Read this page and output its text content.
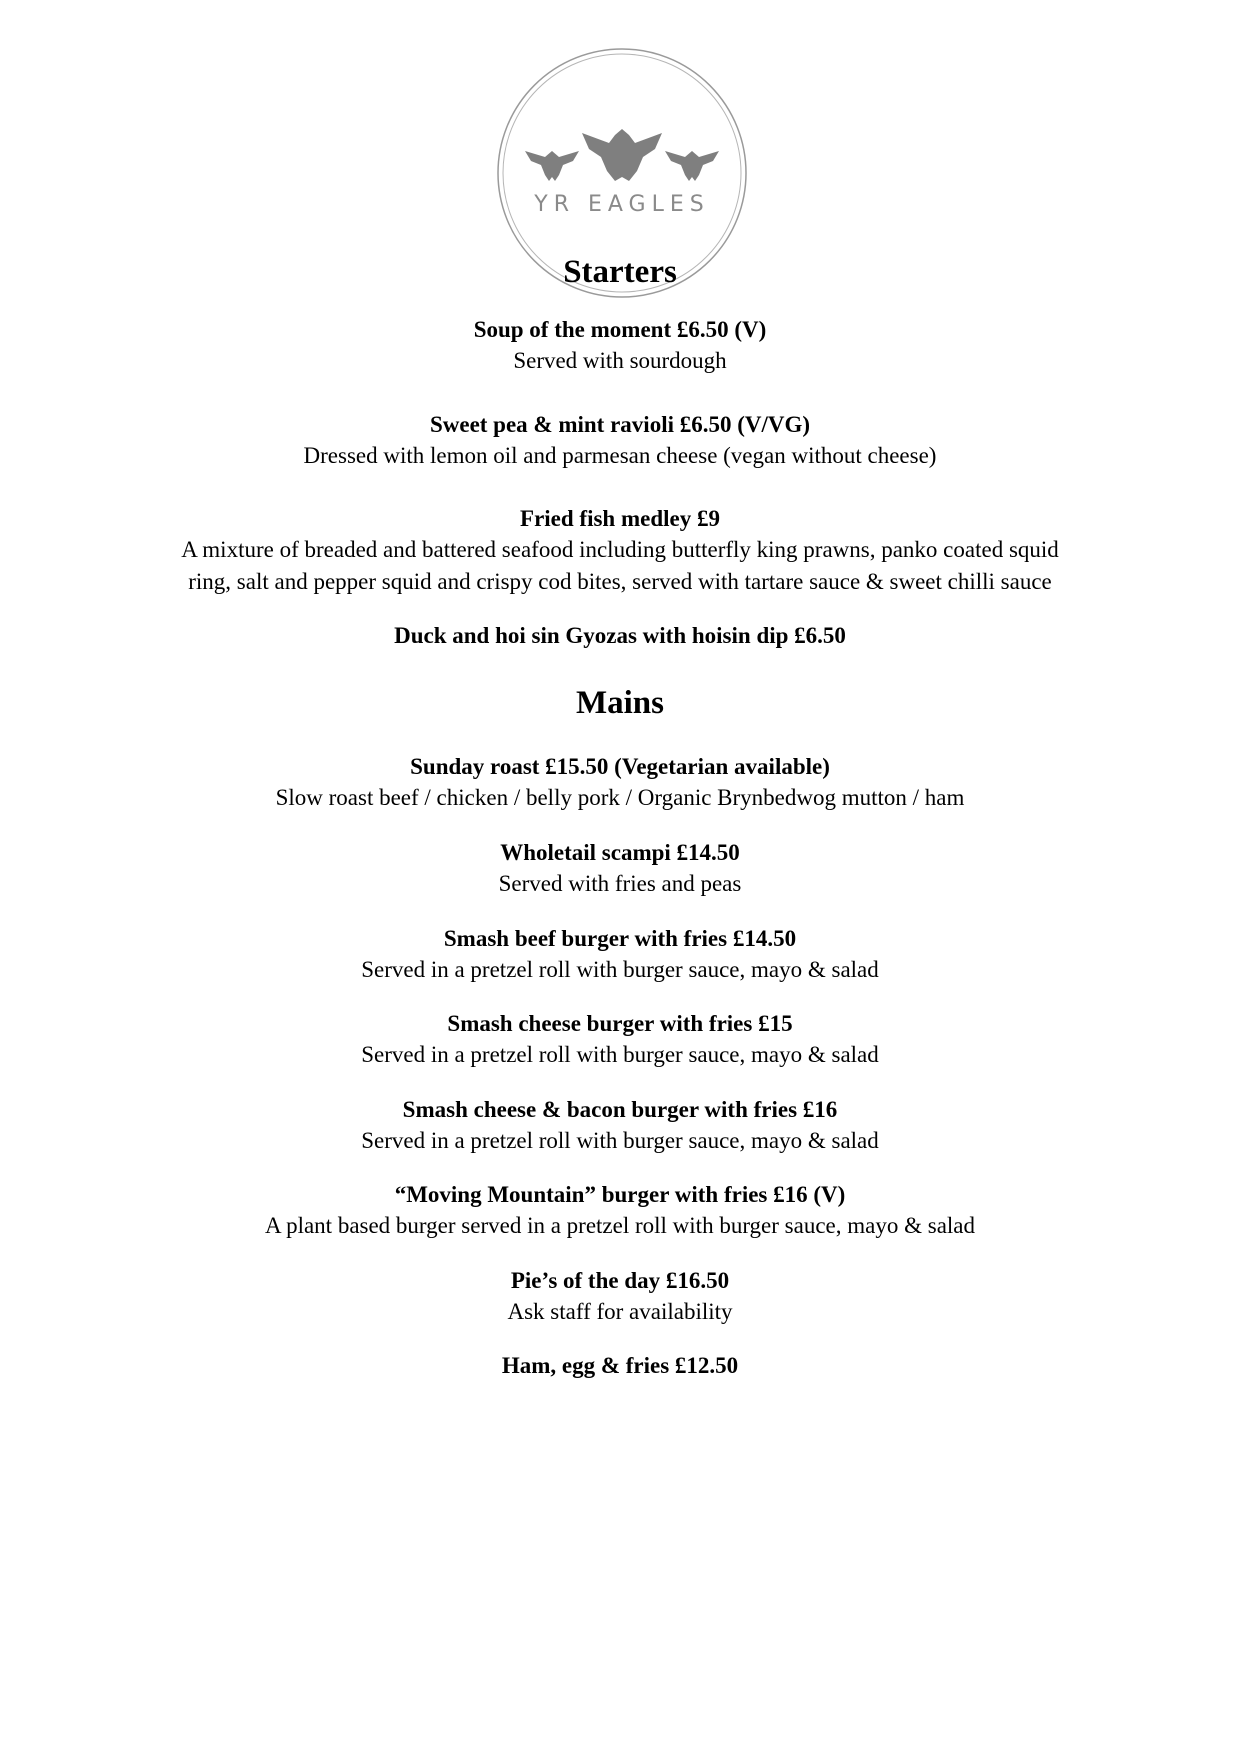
YR EAGLES
Starters
Soup of the moment £6.50 (V)
Served with sourdough
Sweet pea & mint ravioli £6.50 (V/VG)
Dressed with lemon oil and parmesan cheese (vegan without cheese)
Fried fish medley £9
A mixture of breaded and battered seafood including butterfly king prawns, panko coated squid
ring, salt and pepper squid and crispy cod bites, served with tartare sauce & sweet chilli sauce
Duck and hoi sin Gyozas with hoisin dip £6.50
Mains
Sunday roast £15.50 (Vegetarian available)
Slow roast beef / chicken / belly pork / Organic Brynbedwog mutton / ham
Wholetail scampi £14.50
Served with fries and peas
Smash beef burger with fries £14.50
Served in a pretzel roll with burger sauce, mayo & salad
Smash cheese burger with fries £15
Served in a pretzel roll with burger sauce, mayo & salad
Smash cheese & bacon burger with fries £16
Served in a pretzel roll with burger sauce, mayo & salad
“Moving Mountain” burger with fries £16 (V)
A plant based burger served in a pretzel roll with burger sauce, mayo & salad
Pie’s of the day £16.50
Ask staff for availability
Ham, egg & fries £12.50
